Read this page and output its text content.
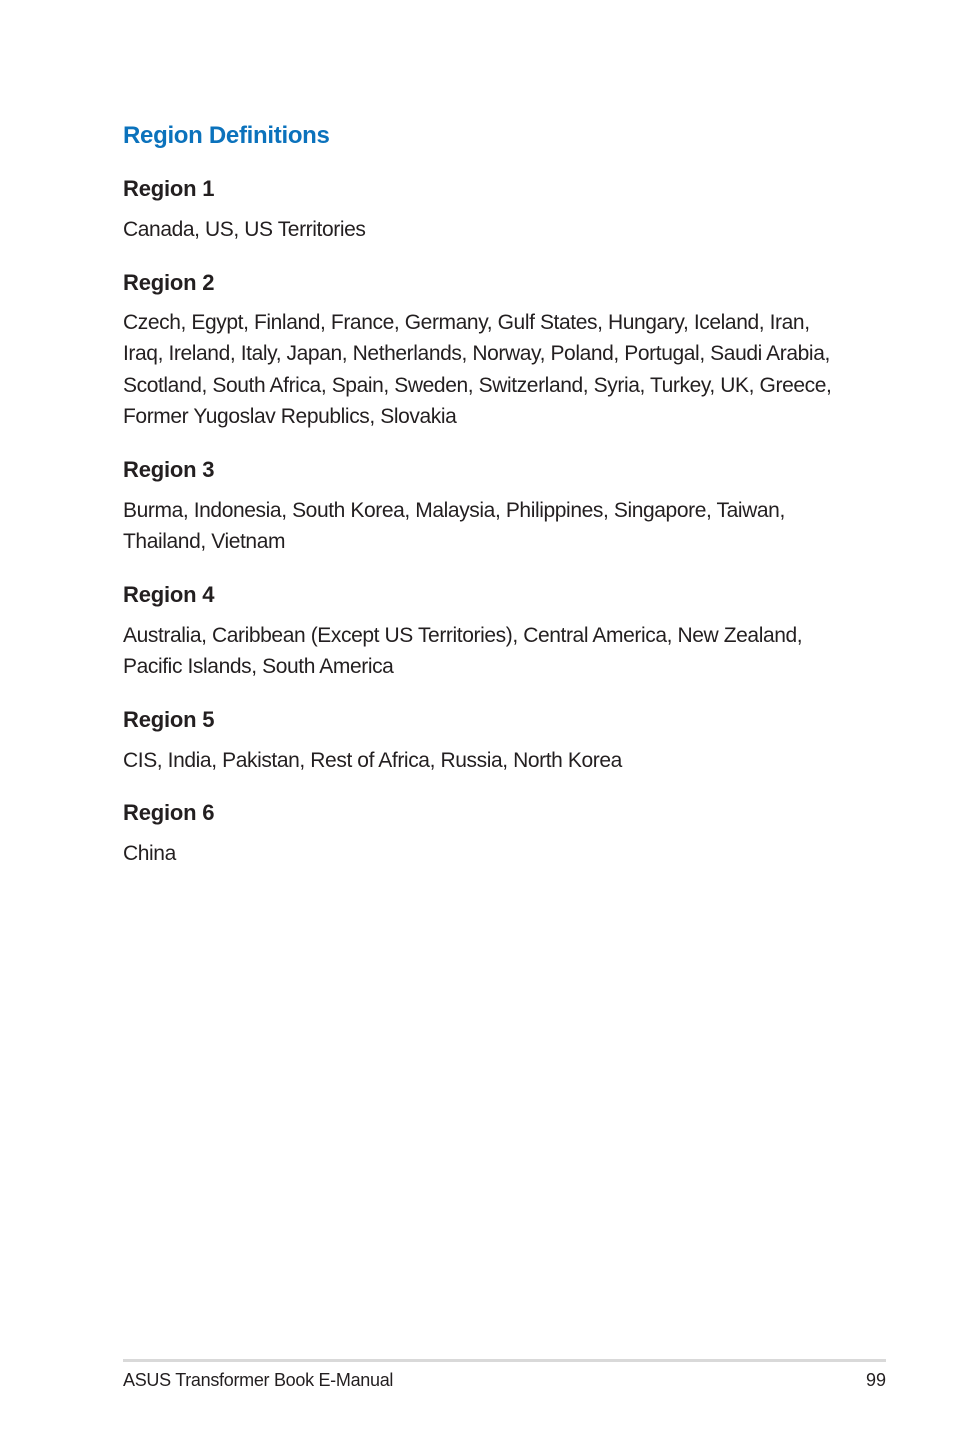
Region Definitions
Region 1

Canada, US, US Territories

Region 2

Czech, Egypt, Finland, France, Germany, Gulf States, Hungary, Iceland, Iran, Iraq, Ireland, Italy, Japan, Netherlands, Norway, Poland, Portugal, Saudi Arabia, Scotland, South Africa, Spain, Sweden, Switzerland, Syria, Turkey, UK, Greece, Former Yugoslav Republics, Slovakia

Region 3

Burma, Indonesia, South Korea, Malaysia, Philippines, Singapore, Taiwan, Thailand, Vietnam

Region 4

Australia, Caribbean (Except US Territories), Central America, New Zealand, Pacific Islands, South America

Region 5

CIS, India, Pakistan, Rest of Africa, Russia, North Korea

Region 6

China

ASUS Transformer Book E-Manual	99
